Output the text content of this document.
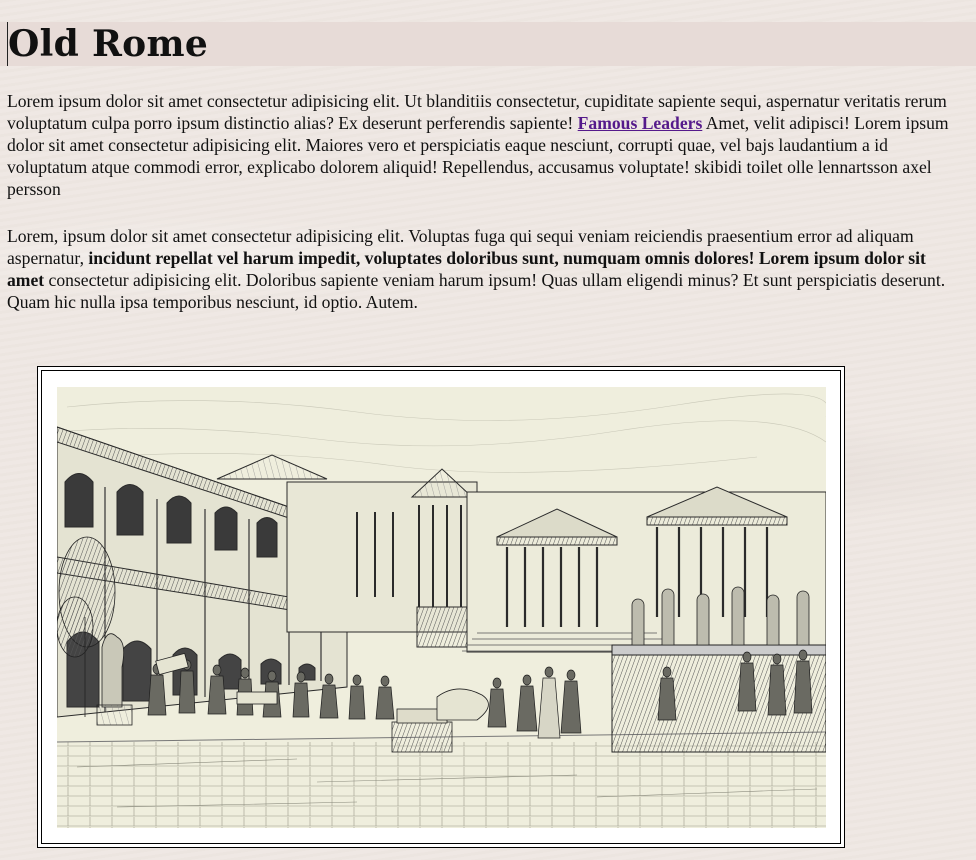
Old Rome

Lorem ipsum dolor sit amet consectetur adipisicing elit. Ut blanditiis consectetur, cupiditate sapiente sequi, aspernatur veritatis rerum voluptatum culpa porro ipsum distinctio alias? Ex deserunt perferendis sapiente! Famous Leaders Amet, velit adipisci! Lorem ipsum dolor sit amet consectetur adipisicing elit. Maiores vero et perspiciatis eaque nesciunt, corrupti quae, vel bajs laudantium a id voluptatum atque commodi error, explicabo dolorem aliquid! Repellendus, accusamus voluptate! skibidi toilet olle lennartsson axel persson

Lorem, ipsum dolor sit amet consectetur adipisicing elit. Voluptas fuga qui sequi veniam reiciendis praesentium error ad aliquam aspernatur, incidunt repellat vel harum impedit, voluptates doloribus sunt, numquam omnis dolores! Lorem ipsum dolor sit amet consectetur adipisicing elit. Doloribus sapiente veniam harum ipsum! Quas ullam eligendi minus? Et sunt perspiciatis deserunt. Quam hic nulla ipsa temporibus nesciunt, id optio. Autem.
